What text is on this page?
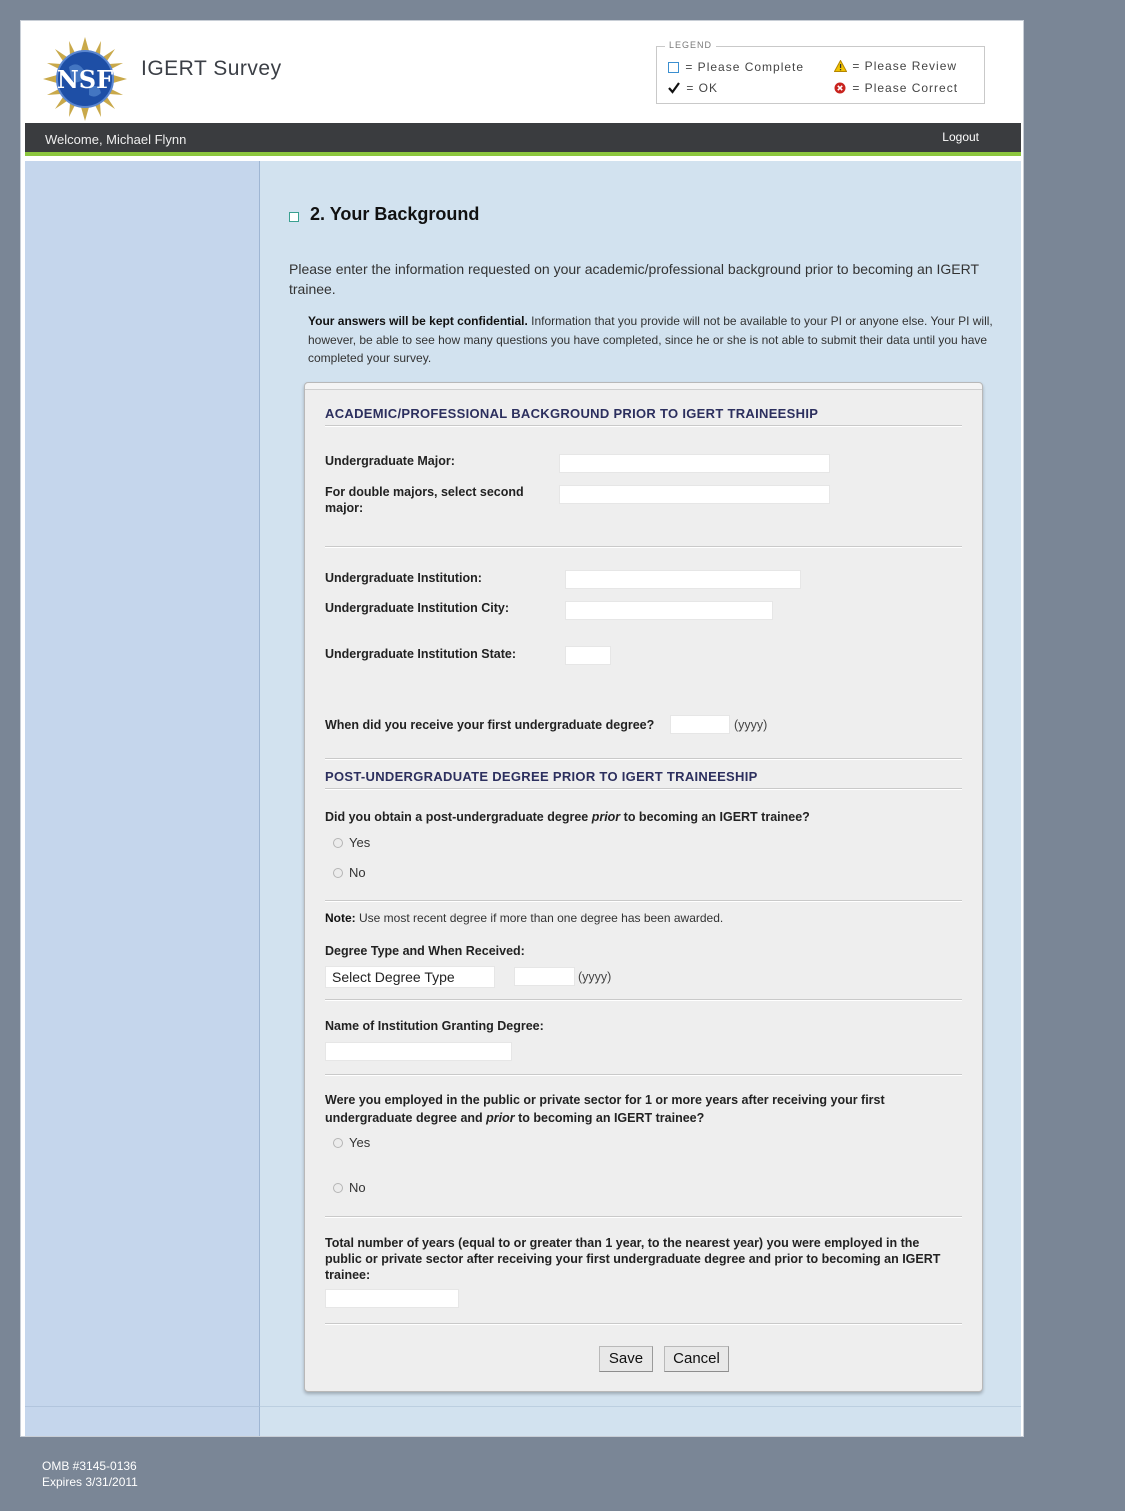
NSF IGERT Survey
LEGEND
= Please Complete
= OK
= Please Review
= Please Correct
Welcome, Michael Flynn	Logout
2. Your Background
Please enter the information requested on your academic/professional background prior to becoming an IGERT trainee.
Your answers will be kept confidential. Information that you provide will not be available to your PI or anyone else. Your PI will, however, be able to see how many questions you have completed, since he or she is not able to submit their data until you have completed your survey.
ACADEMIC/PROFESSIONAL BACKGROUND PRIOR TO IGERT TRAINEESHIP
Undergraduate Major:
For double majors, select second major:
Undergraduate Institution:
Undergraduate Institution City:
Undergraduate Institution State:
When did you receive your first undergraduate degree?	(yyyy)
POST-UNDERGRADUATE DEGREE PRIOR TO IGERT TRAINEESHIP
Did you obtain a post-undergraduate degree prior to becoming an IGERT trainee?
Yes
No
Note: Use most recent degree if more than one degree has been awarded.
Degree Type and When Received:
Select Degree Type	(yyyy)
Name of Institution Granting Degree:
Were you employed in the public or private sector for 1 or more years after receiving your first undergraduate degree and prior to becoming an IGERT trainee?
Yes
No
Total number of years (equal to or greater than 1 year, to the nearest year) you were employed in the public or private sector after receiving your first undergraduate degree and prior to becoming an IGERT trainee:
Save	Cancel
OMB #3145-0136
Expires 3/31/2011
